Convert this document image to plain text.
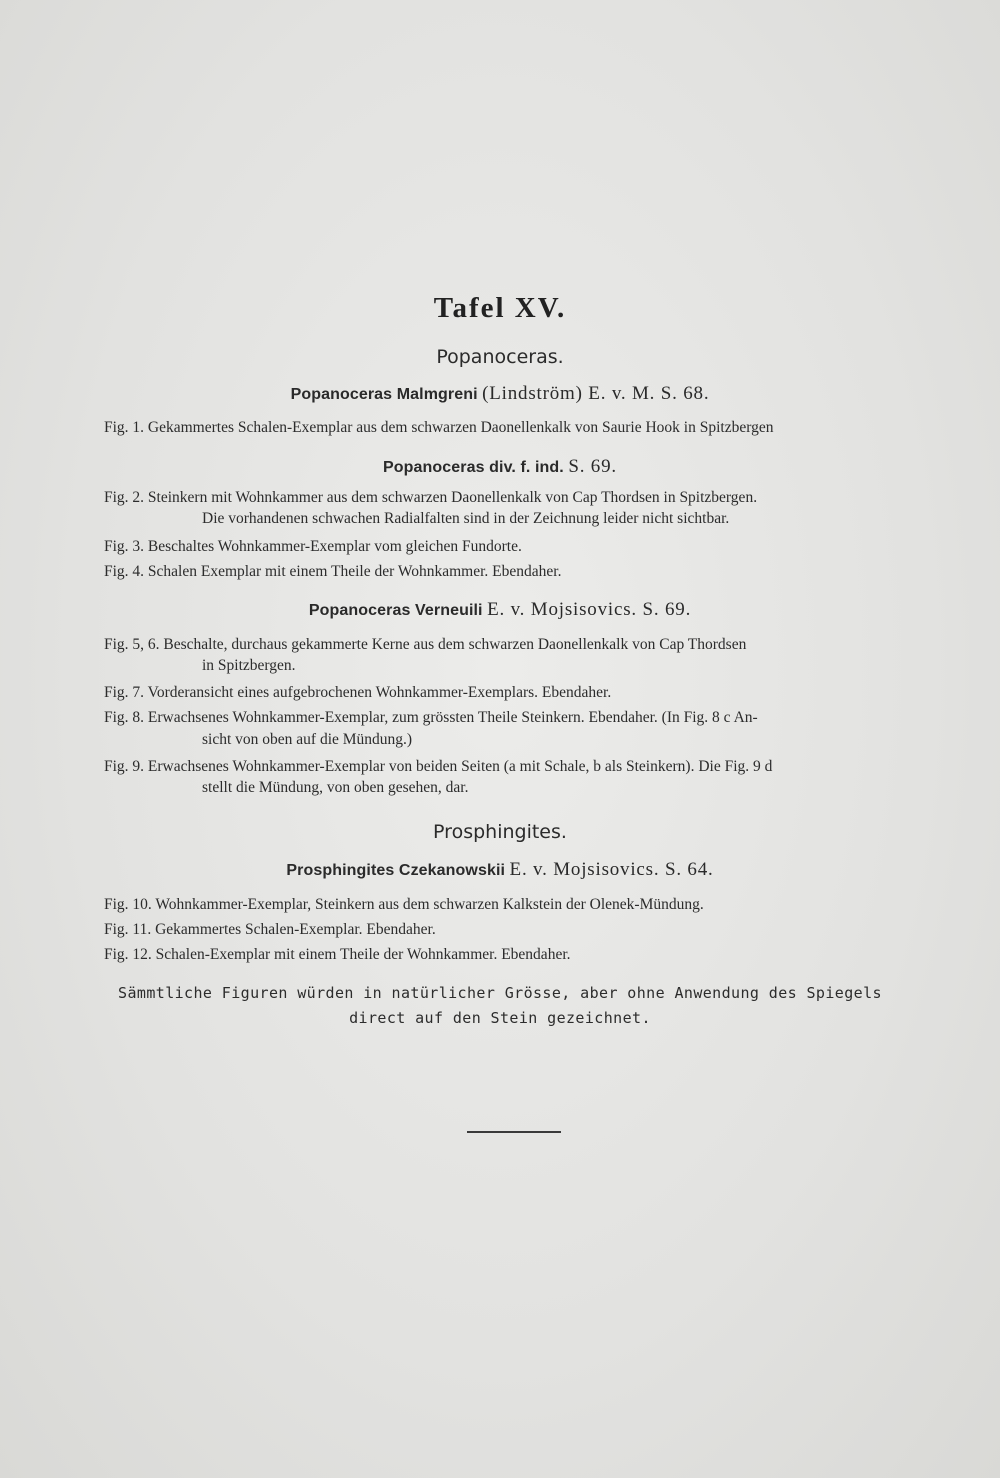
Tafel XV.
Popanoceras.
Popanoceras Malmgreni (Lindström) E. v. M. S. 68.
Fig. 1. Gekammertes Schalen-Exemplar aus dem schwarzen Daonellenkalk von Saurie Hook in Spitzbergen
Popanoceras div. f. ind. S. 69.
Fig. 2. Steinkern mit Wohnkammer aus dem schwarzen Daonellenkalk von Cap Thordsen in Spitzbergen.
Die vorhandenen schwachen Radialfalten sind in der Zeichnung leider nicht sichtbar.
Fig. 3. Beschaltes Wohnkammer-Exemplar vom gleichen Fundorte.
Fig. 4. Schalen Exemplar mit einem Theile der Wohnkammer. Ebendaher.
Popanoceras Verneuili E. v. Mojsisovics. S. 69.
Fig. 5, 6. Beschalte, durchaus gekammerte Kerne aus dem schwarzen Daonellenkalk von Cap Thordsen
in Spitzbergen.
Fig. 7. Vorderansicht eines aufgebrochenen Wohnkammer-Exemplars. Ebendaher.
Fig. 8. Erwachsenes Wohnkammer-Exemplar, zum grössten Theile Steinkern. Ebendaher. (In Fig. 8 c An-
sicht von oben auf die Mündung.)
Fig. 9. Erwachsenes Wohnkammer-Exemplar von beiden Seiten (a mit Schale, b als Steinkern). Die Fig. 9 d
stellt die Mündung, von oben gesehen, dar.
Prosphingites.
Prosphingites Czekanowskii E. v. Mojsisovics. S. 64.
Fig. 10. Wohnkammer-Exemplar, Steinkern aus dem schwarzen Kalkstein der Olenek-Mündung.
Fig. 11. Gekammertes Schalen-Exemplar. Ebendaher.
Fig. 12. Schalen-Exemplar mit einem Theile der Wohnkammer. Ebendaher.
Sämmtliche Figuren würden in natürlicher Grösse, aber ohne Anwendung des Spiegels
direct auf den Stein gezeichnet.
